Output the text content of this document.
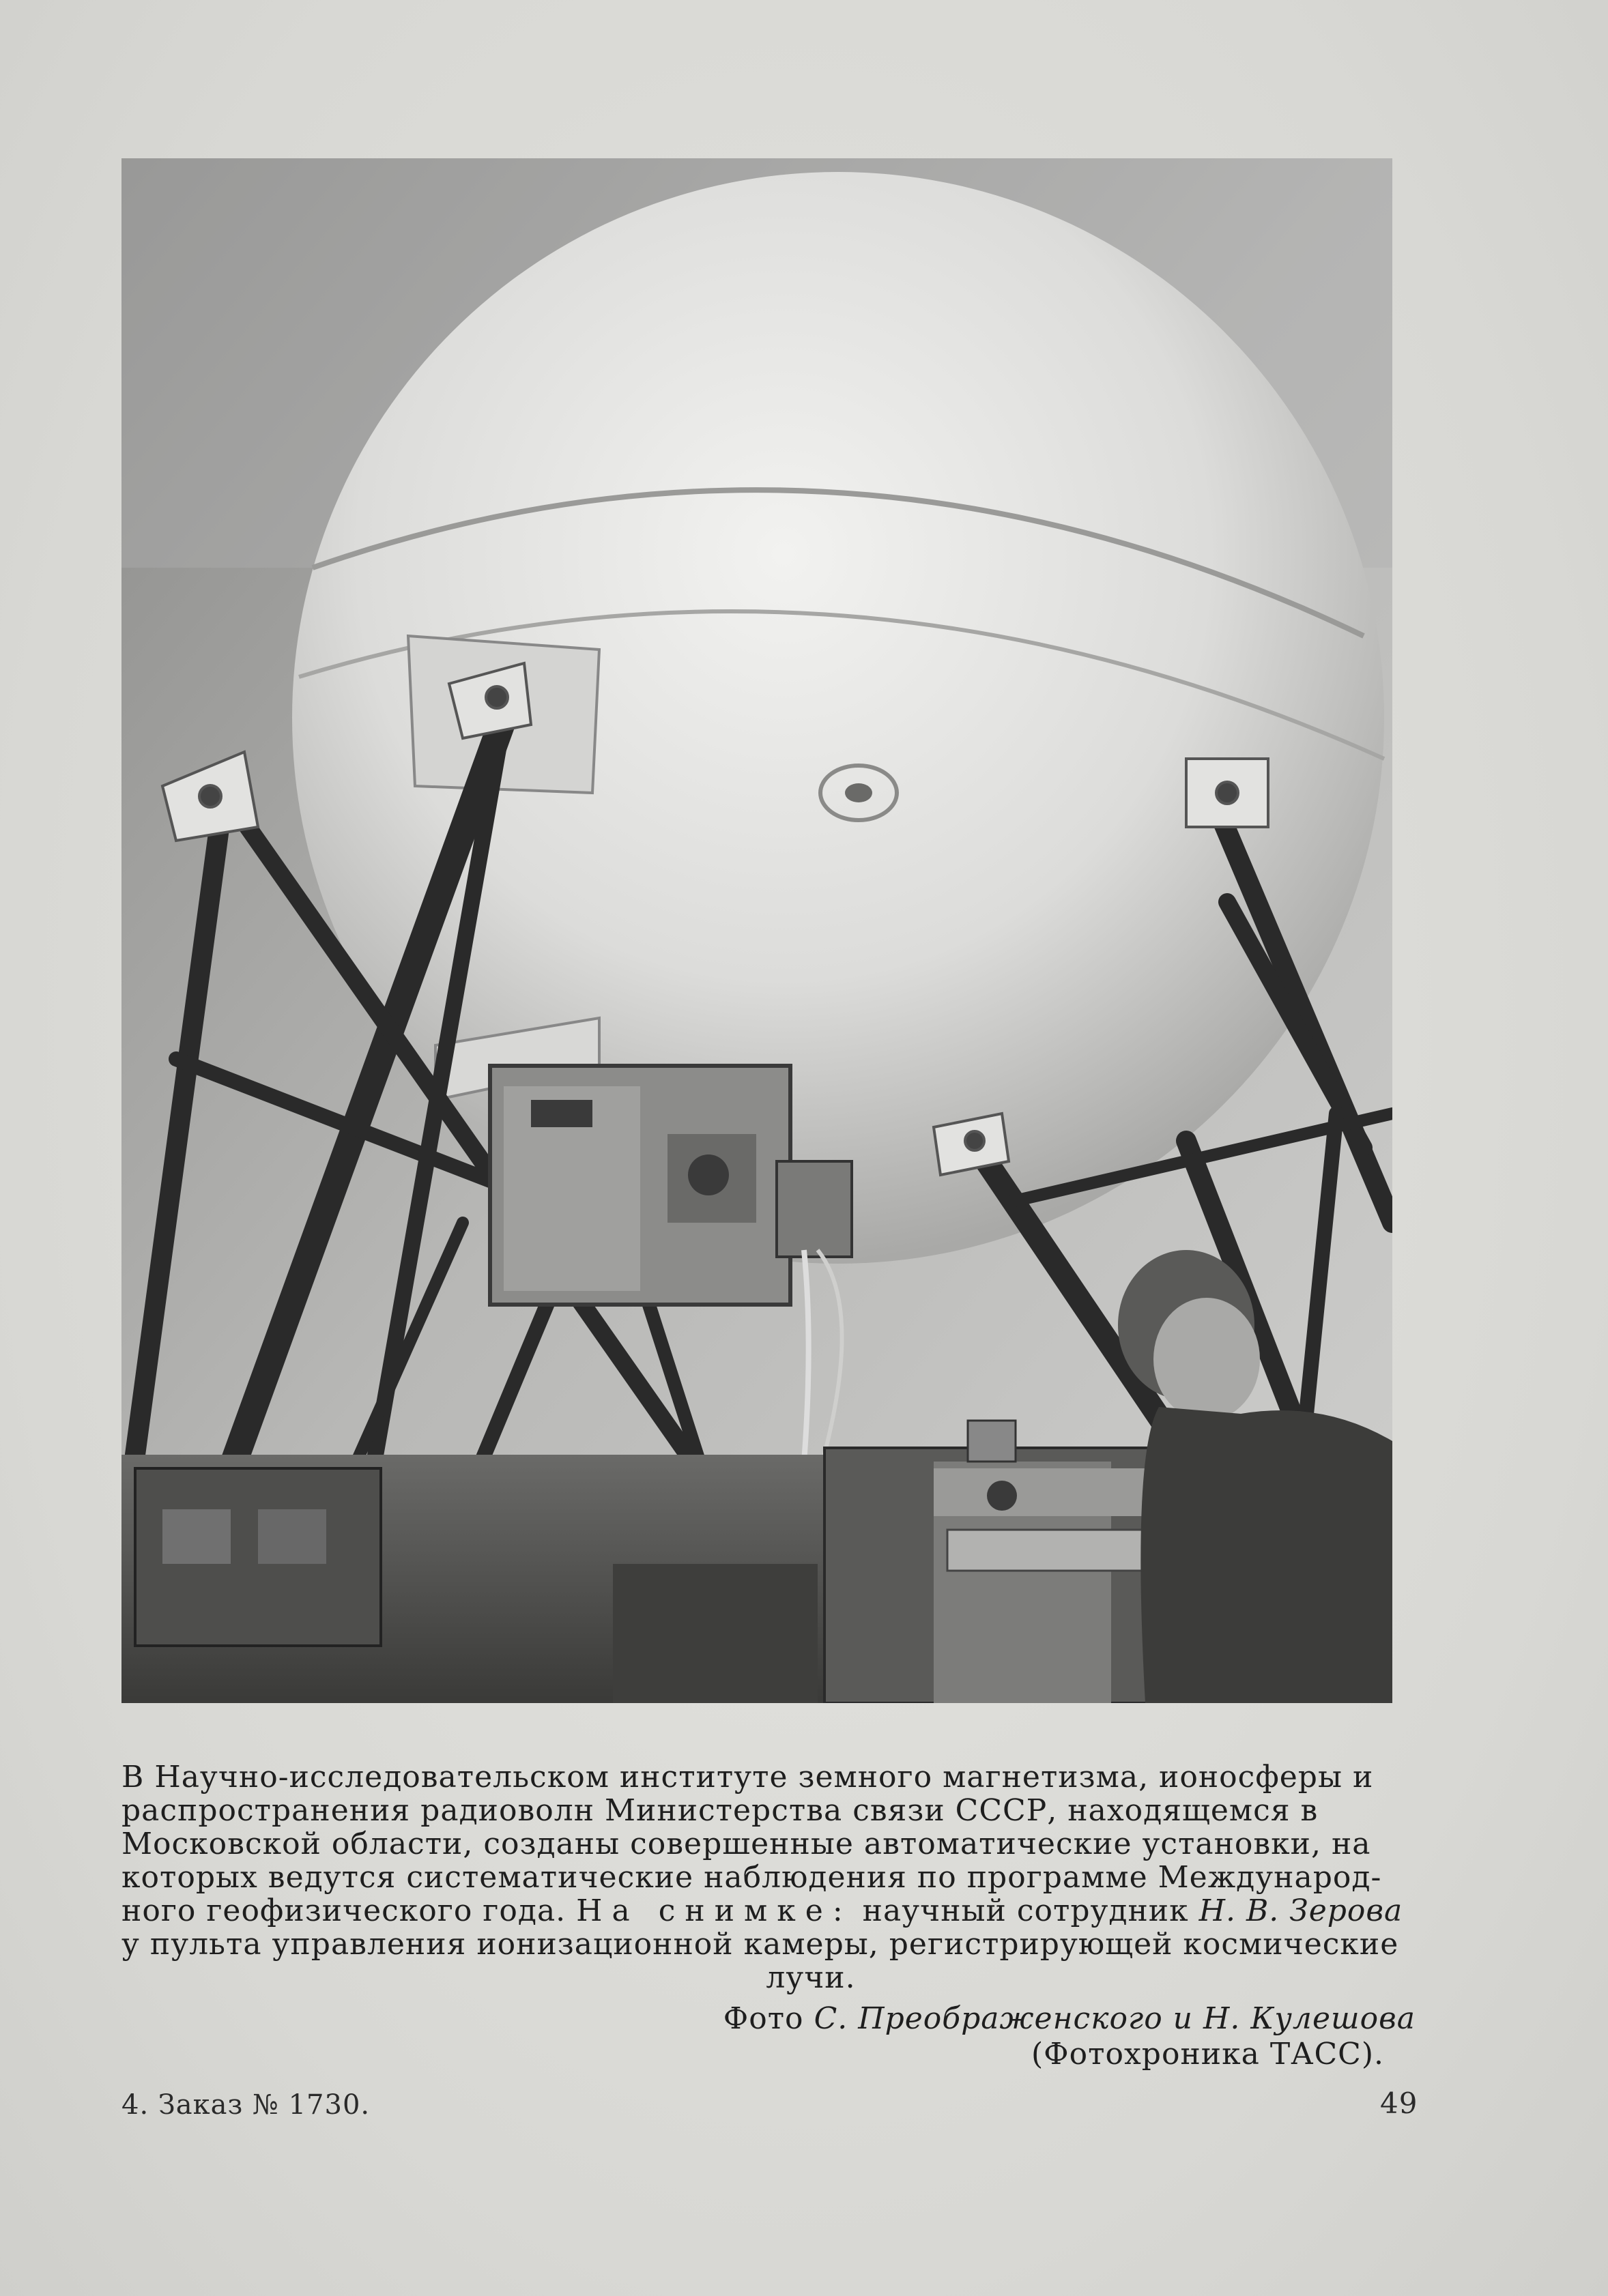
В Научно-исследовательском институте земного магнетизма, ионосферы и
распространения радиоволн Министерства связи СССР, находящемся в
Московской области, созданы совершенные автоматические установки, на
которых ведутся систематические наблюдения по программе Международ-
ного геофизического года. На снимке: научный сотрудник Н. В. Зерова
у пульта управления ионизационной камеры, регистрирующей космические
лучи.
Фото С. Преображенского и Н. Кулешова
(Фотохроника ТАСС).
4. Заказ № 1730.	49
